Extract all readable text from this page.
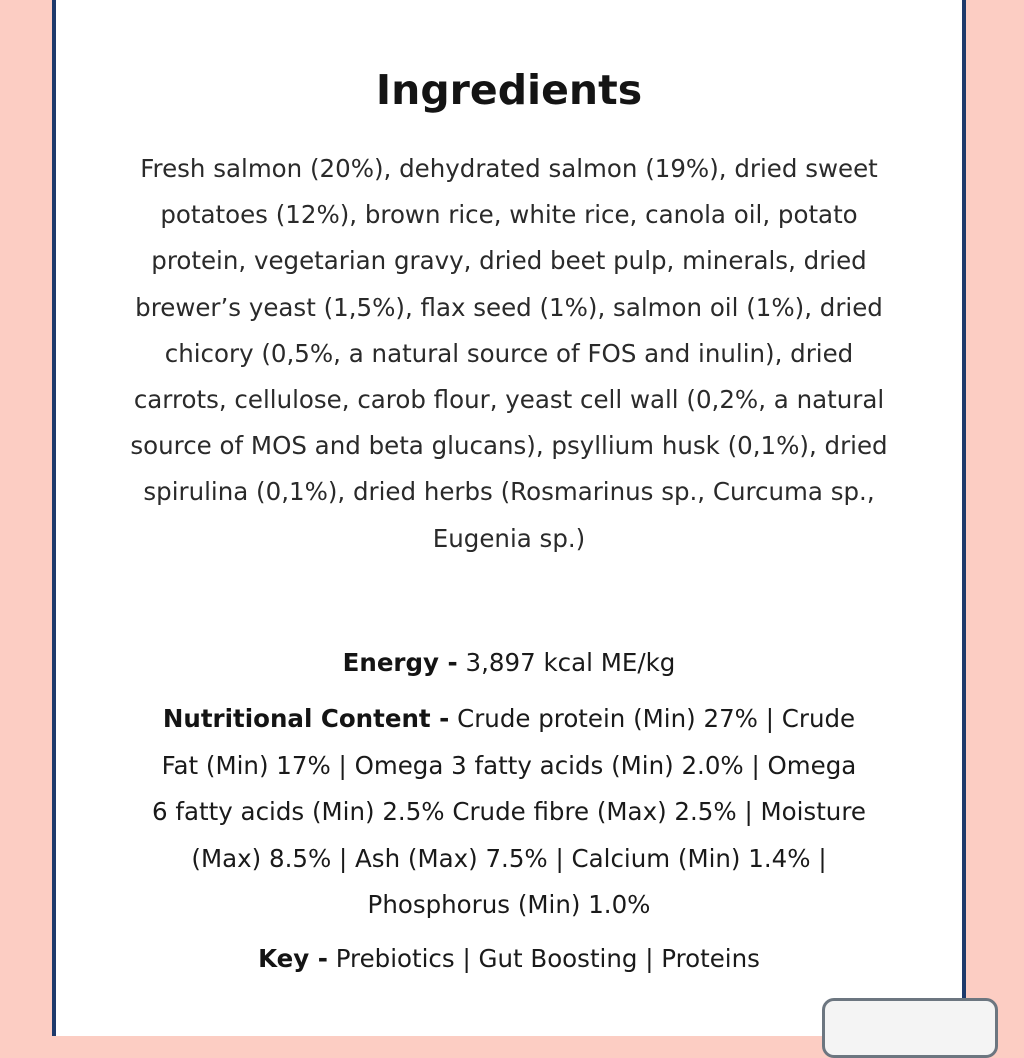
Ingredients

Fresh salmon (20%), dehydrated salmon (19%), dried sweet potatoes (12%), brown rice, white rice, canola oil, potato protein, vegetarian gravy, dried beet pulp, minerals, dried brewer’s yeast (1,5%), flax seed (1%), salmon oil (1%), dried chicory (0,5%, a natural source of FOS and inulin), dried carrots, cellulose, carob flour, yeast cell wall (0,2%, a natural source of MOS and beta glucans), psyllium husk (0,1%), dried spirulina (0,1%), dried herbs (Rosmarinus sp., Curcuma sp., Eugenia sp.)

Energy - 3,897 kcal ME/kg

Nutritional Content - Crude protein (Min) 27% | Crude Fat (Min) 17% | Omega 3 fatty acids (Min) 2.0% | Omega 6 fatty acids (Min) 2.5% Crude fibre (Max) 2.5% | Moisture (Max) 8.5% | Ash (Max) 7.5% | Calcium (Min) 1.4% | Phosphorus (Min) 1.0%

Key - Prebiotics | Gut Boosting | Proteins
